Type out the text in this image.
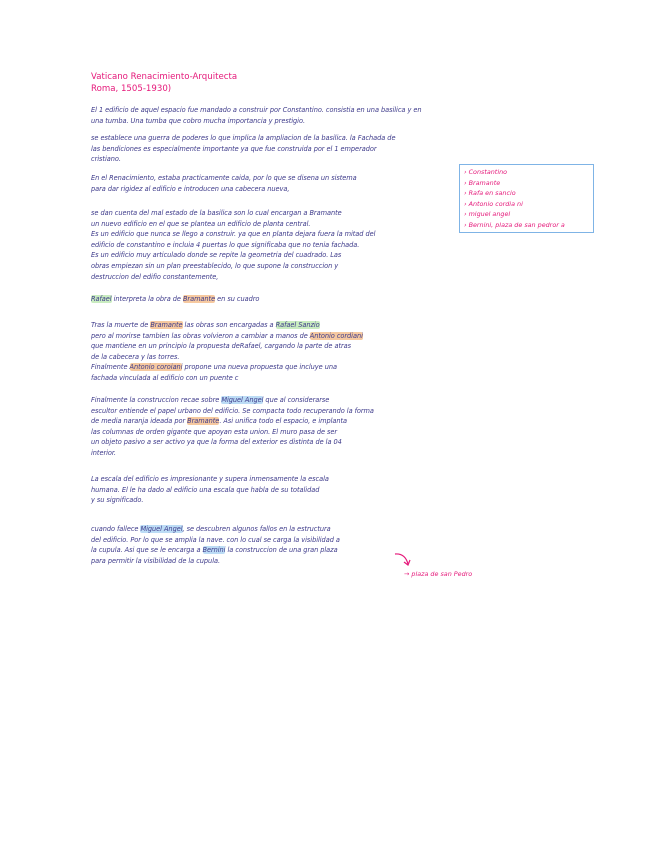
Vaticano Renacimiento-Arquitecta
Roma, 1505-1930)
El 1 edificio de aquel espacio fue mandado a construir por Constantino. consistia en una basilica y en
una tumba. Una tumba que cobro mucha importancia y prestigio.
se establece una guerra de poderes lo que implica la ampliacion de la basilica. la Fachada de
las bendiciones es especialmente importante ya que fue construida por el 1 emperador
cristiano.
En el Renacimiento, estaba practicamente caida, por lo que se disena un sistema
para dar rigidez al edificio e introducen una cabecera nueva,
se dan cuenta del mal estado de la basilica son lo cual encargan a Bramante
un nuevo edificio en el que se plantea un edificio de planta central.
Es un edificio que nunca se llego a construir. ya que en planta dejara fuera la mitad del
edificio de constantino e incluia 4 puertas lo que significaba que no tenia fachada.
Es un edificio muy articulado donde se repite la geometria del cuadrado. Las
obras empiezan sin un plan preestablecido, lo que supone la construccion y
destruccion del edifio constantemente,
Rafael interpreta la obra de Bramante en su cuadro
Tras la muerte de Bramante las obras son encargadas a Rafael Sanzio
pero al morirse tambien las obras volvieron a cambiar a manos de Antonio cordiani
que mantiene en un principio la propuesta deRafael, cargando la parte de atras
de la cabecera y las torres.
Finalmente Antonio coroiani propone una nueva propuesta que incluye una
fachada vinculada al edificio con un puente c
Finalmente la construccion recae sobre Miguel Angel que al considerarse
escultor entiende el papel urbano del edificio. Se compacta todo recuperando la forma
de media naranja ideada por Bramante. Asi unifica todo el espacio, e implanta
las columnas de orden gigante que apoyan esta union. El muro pasa de ser
un objeto pasivo a ser activo ya que la forma del exterior es distinta de la 04
interior.
La escala del edificio es impresionante y supera inmensamente la escala
humana. El le ha dado al edificio una escala que habla de su totalidad
y su significado.
cuando fallece Miguel Angel, se descubren algunos fallos en la estructura
del edificio. Por lo que se amplia la nave. con lo cual se carga la visibilidad a
la cupula. Asi que se le encarga a Bernini la construccion de una gran plaza
para permitir la visibilidad de la cupula.
› Constantino
› Bramante
› Rafa en sancio
› Antonio cordia ni
› miguel angel
› Bernini, plaza de san pedror a
→ plaza de san Pedro
